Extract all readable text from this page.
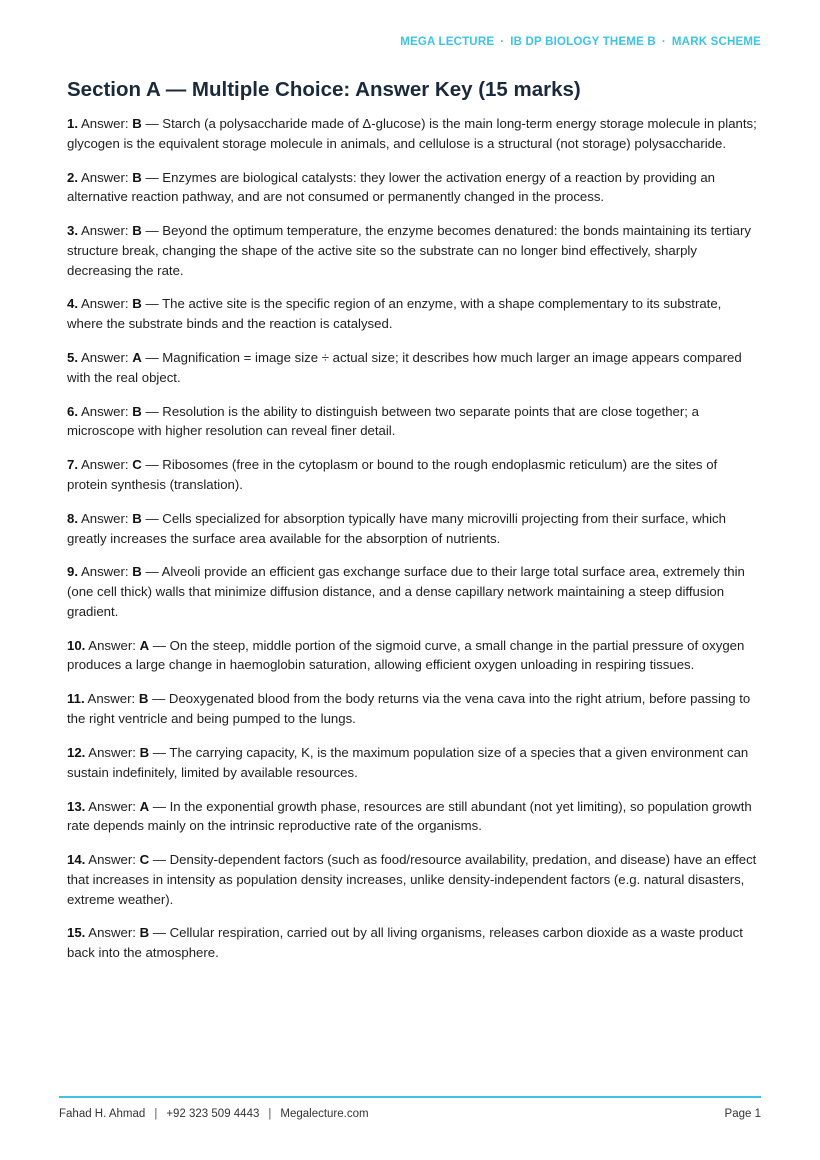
MEGA LECTURE · IB DP BIOLOGY THEME B · MARK SCHEME
Section A — Multiple Choice: Answer Key (15 marks)

1. Answer: B — Starch (a polysaccharide made of Δ-glucose) is the main long-term energy storage molecule in plants; glycogen is the equivalent storage molecule in animals, and cellulose is a structural (not storage) polysaccharide.

2. Answer: B — Enzymes are biological catalysts: they lower the activation energy of a reaction by providing an alternative reaction pathway, and are not consumed or permanently changed in the process.

3. Answer: B — Beyond the optimum temperature, the enzyme becomes denatured: the bonds maintaining its tertiary structure break, changing the shape of the active site so the substrate can no longer bind effectively, sharply decreasing the rate.

4. Answer: B — The active site is the specific region of an enzyme, with a shape complementary to its substrate, where the substrate binds and the reaction is catalysed.

5. Answer: A — Magnification = image size ÷ actual size; it describes how much larger an image appears compared with the real object.

6. Answer: B — Resolution is the ability to distinguish between two separate points that are close together; a microscope with higher resolution can reveal finer detail.

7. Answer: C — Ribosomes (free in the cytoplasm or bound to the rough endoplasmic reticulum) are the sites of protein synthesis (translation).

8. Answer: B — Cells specialized for absorption typically have many microvilli projecting from their surface, which greatly increases the surface area available for the absorption of nutrients.

9. Answer: B — Alveoli provide an efficient gas exchange surface due to their large total surface area, extremely thin (one cell thick) walls that minimize diffusion distance, and a dense capillary network maintaining a steep diffusion gradient.

10. Answer: A — On the steep, middle portion of the sigmoid curve, a small change in the partial pressure of oxygen produces a large change in haemoglobin saturation, allowing efficient oxygen unloading in respiring tissues.

11. Answer: B — Deoxygenated blood from the body returns via the vena cava into the right atrium, before passing to the right ventricle and being pumped to the lungs.

12. Answer: B — The carrying capacity, K, is the maximum population size of a species that a given environment can sustain indefinitely, limited by available resources.

13. Answer: A — In the exponential growth phase, resources are still abundant (not yet limiting), so population growth rate depends mainly on the intrinsic reproductive rate of the organisms.

14. Answer: C — Density-dependent factors (such as food/resource availability, predation, and disease) have an effect that increases in intensity as population density increases, unlike density-independent factors (e.g. natural disasters, extreme weather).

15. Answer: B — Cellular respiration, carried out by all living organisms, releases carbon dioxide as a waste product back into the atmosphere.

Fahad H. Ahmad | +92 323 509 4443 | Megalecture.com	Page 1
